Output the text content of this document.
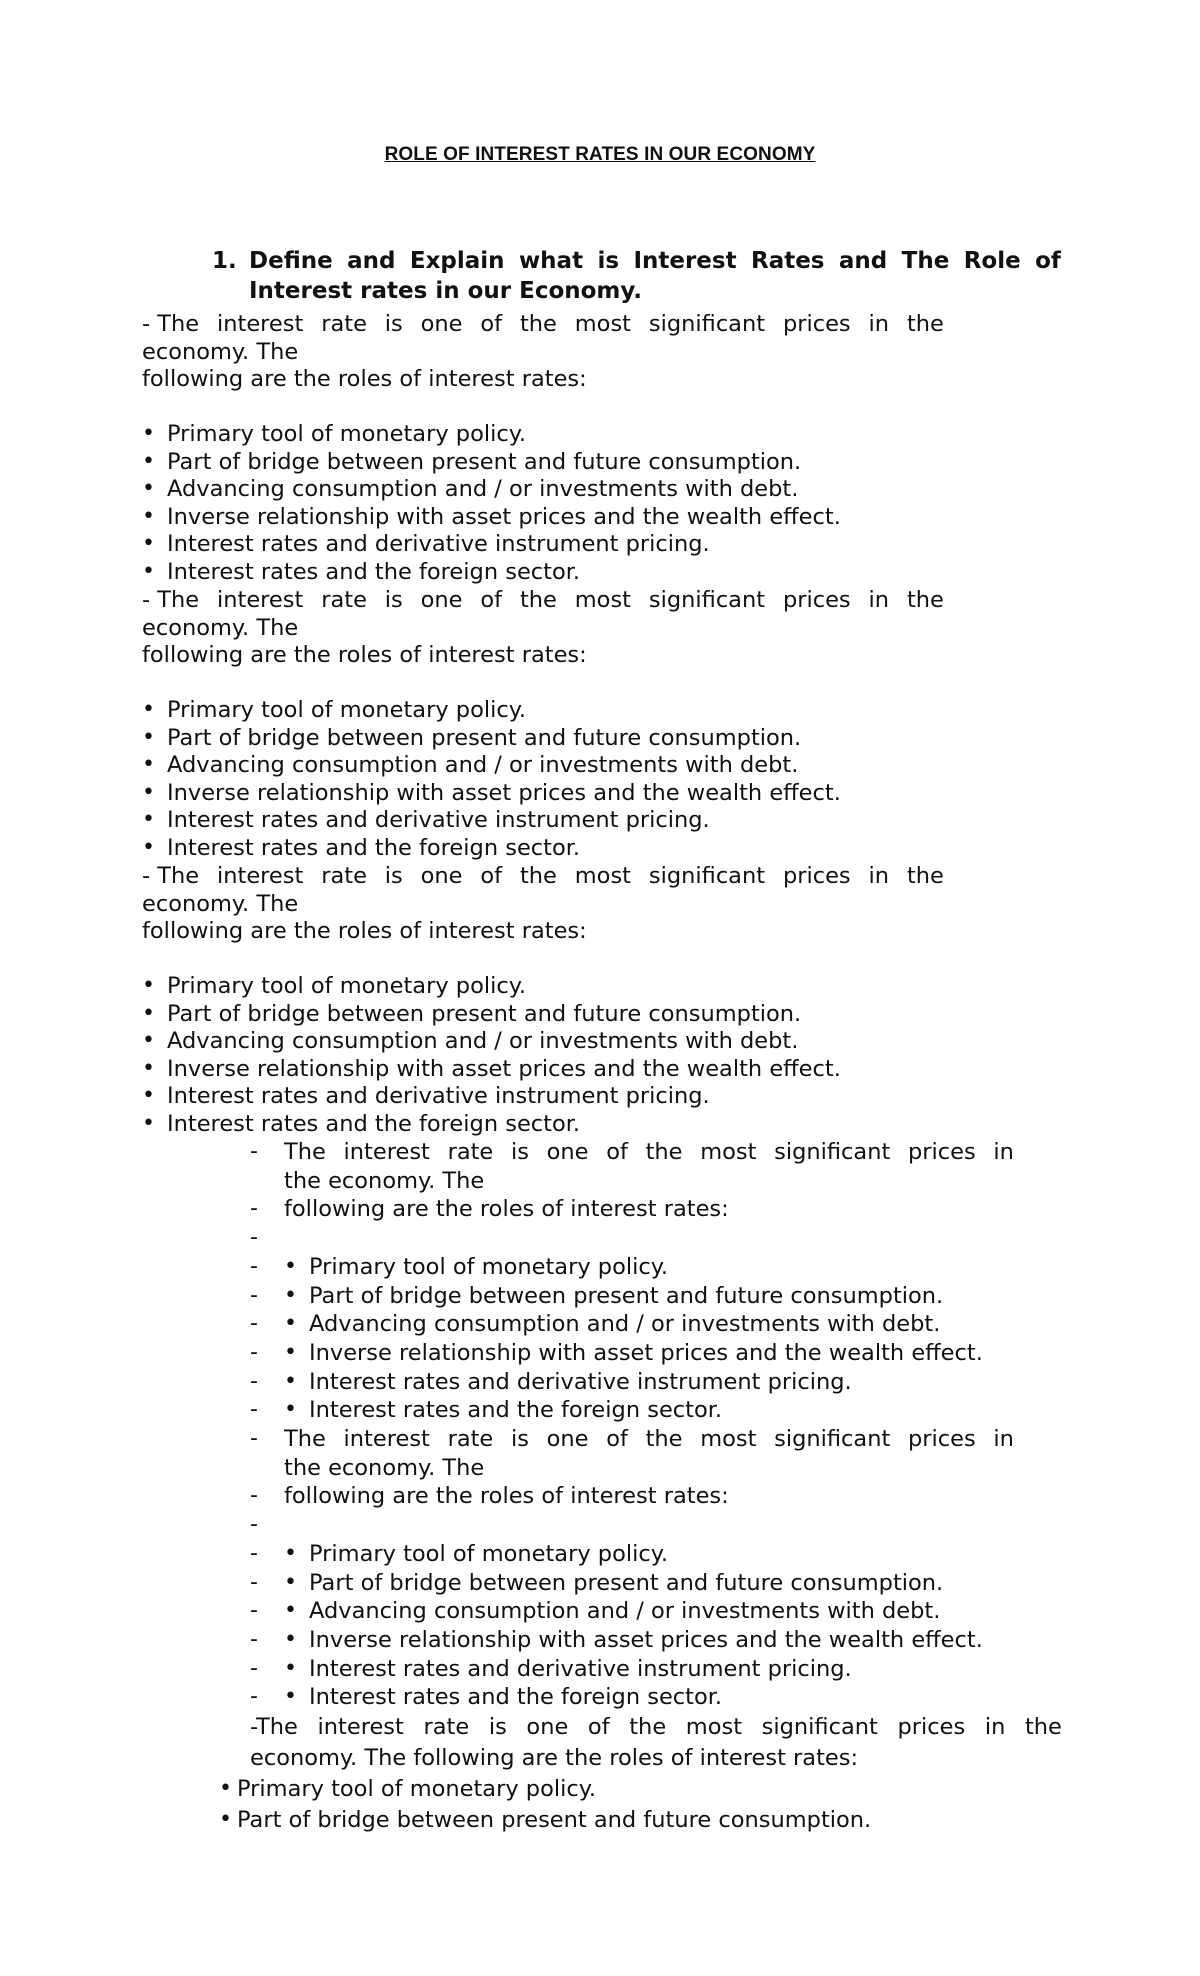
ROLE OF INTEREST RATES IN OUR ECONOMY
1. Define and Explain what is Interest Rates and The Role of
Interest rates in our Economy.
- The interest rate is one of the most significant prices in the
economy. The
following are the roles of interest rates:
• Primary tool of monetary policy.
• Part of bridge between present and future consumption.
• Advancing consumption and / or investments with debt.
• Inverse relationship with asset prices and the wealth effect.
• Interest rates and derivative instrument pricing.
• Interest rates and the foreign sector.
- The interest rate is one of the most significant prices in the
economy. The
following are the roles of interest rates:
• Primary tool of monetary policy.
• Part of bridge between present and future consumption.
• Advancing consumption and / or investments with debt.
• Inverse relationship with asset prices and the wealth effect.
• Interest rates and derivative instrument pricing.
• Interest rates and the foreign sector.
- The interest rate is one of the most significant prices in the
economy. The
following are the roles of interest rates:
• Primary tool of monetary policy.
• Part of bridge between present and future consumption.
• Advancing consumption and / or investments with debt.
• Inverse relationship with asset prices and the wealth effect.
• Interest rates and derivative instrument pricing.
• Interest rates and the foreign sector.
- The interest rate is one of the most significant prices in
the economy. The
- following are the roles of interest rates:
-
- • Primary tool of monetary policy.
- • Part of bridge between present and future consumption.
- • Advancing consumption and / or investments with debt.
- • Inverse relationship with asset prices and the wealth effect.
- • Interest rates and derivative instrument pricing.
- • Interest rates and the foreign sector.
- The interest rate is one of the most significant prices in
the economy. The
- following are the roles of interest rates:
-
- • Primary tool of monetary policy.
- • Part of bridge between present and future consumption.
- • Advancing consumption and / or investments with debt.
- • Inverse relationship with asset prices and the wealth effect.
- • Interest rates and derivative instrument pricing.
- • Interest rates and the foreign sector.
-The interest rate is one of the most significant prices in the
economy. The following are the roles of interest rates:
• Primary tool of monetary policy.
• Part of bridge between present and future consumption.
